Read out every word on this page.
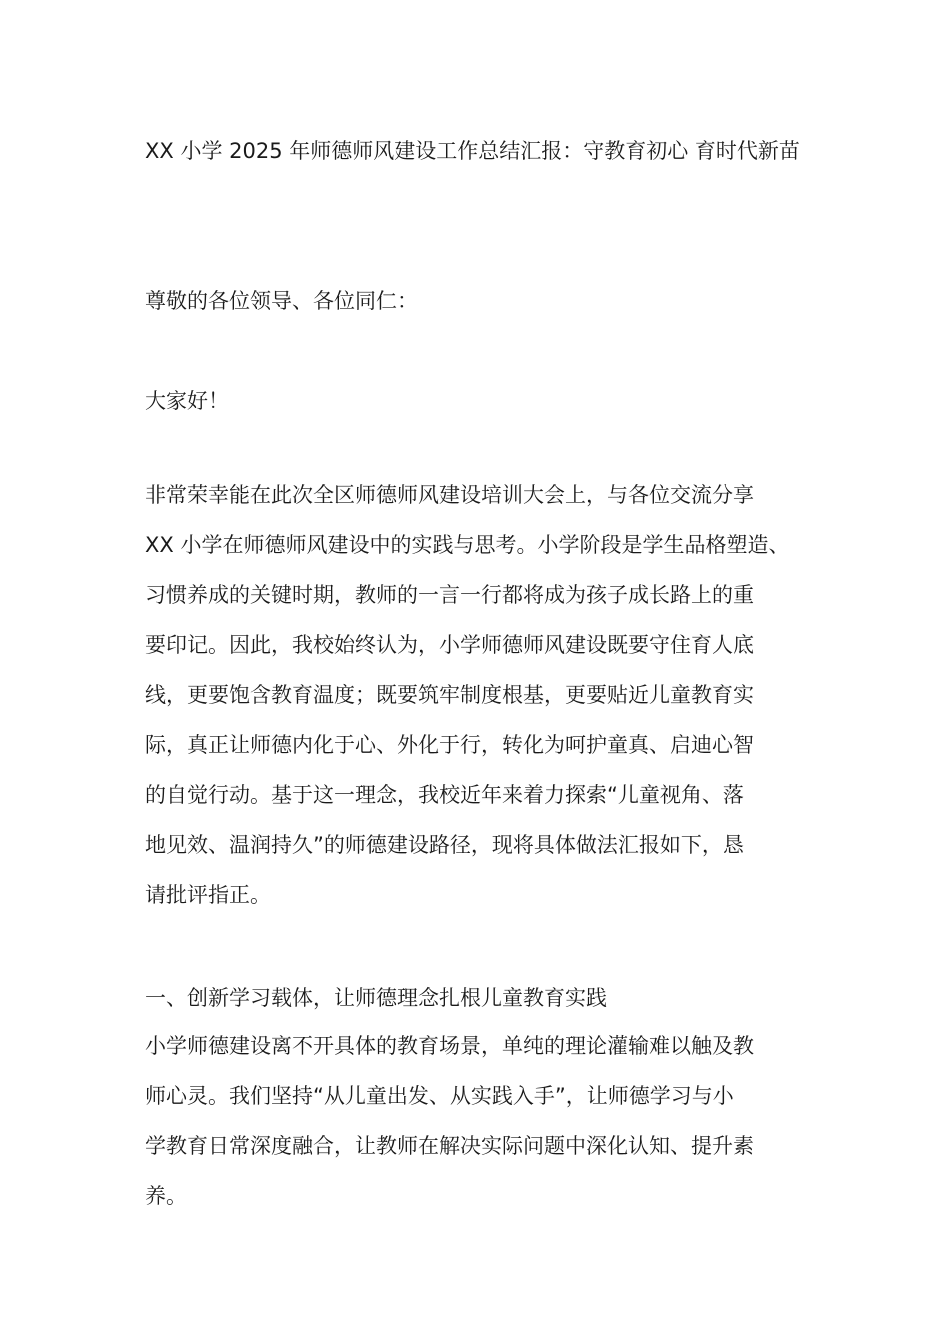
XX 小学 2025 年师德师风建设工作总结汇报：守教育初心 育时代新苗
尊敬的各位领导、各位同仁：
大家好！
非常荣幸能在此次全区师德师风建设培训大会上，与各位交流分享
XX 小学在师德师风建设中的实践与思考。小学阶段是学生品格塑造、
习惯养成的关键时期，教师的一言一行都将成为孩子成长路上的重
要印记。因此，我校始终认为，小学师德师风建设既要守住育人底
线，更要饱含教育温度；既要筑牢制度根基，更要贴近儿童教育实
际，真正让师德内化于心、外化于行，转化为呵护童真、启迪心智
的自觉行动。基于这一理念，我校近年来着力探索“儿童视角、落
地见效、温润持久”的师德建设路径，现将具体做法汇报如下，恳
请批评指正。
一、创新学习载体，让师德理念扎根儿童教育实践
小学师德建设离不开具体的教育场景，单纯的理论灌输难以触及教
师心灵。我们坚持“从儿童出发、从实践入手”，让师德学习与小
学教育日常深度融合，让教师在解决实际问题中深化认知、提升素
养。
